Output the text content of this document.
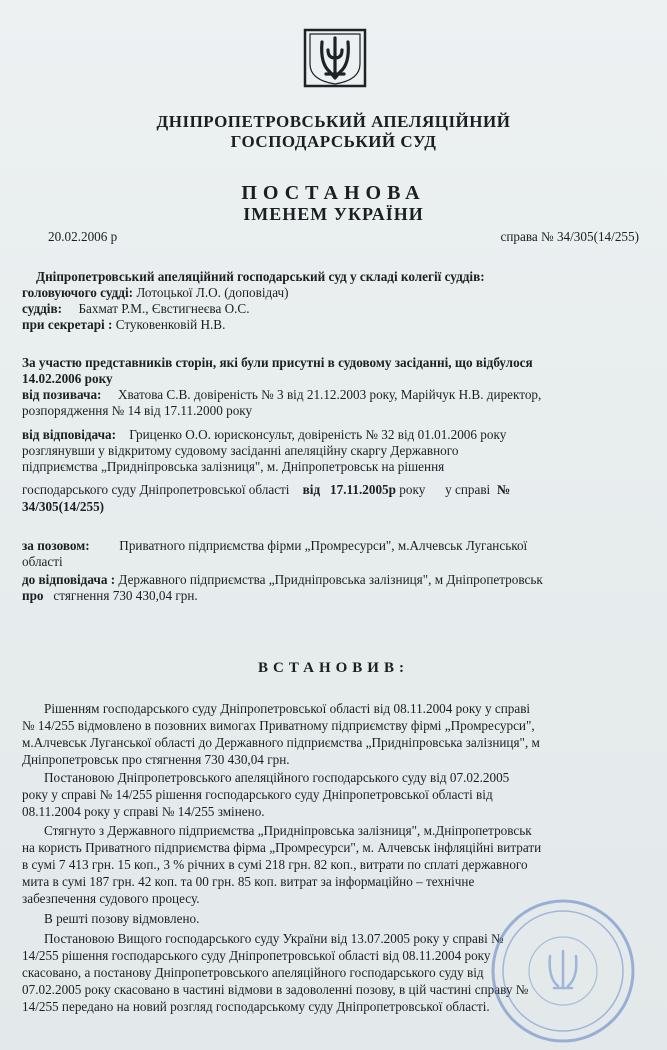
ДНІПРОПЕТРОВСЬКИЙ АПЕЛЯЦІЙНИЙ
ГОСПОДАРСЬКИЙ СУД
ПОСТАНОВА
ІМЕНЕМ УКРАЇНИ
20.02.2006 р	справа № 34/305(14/255)
Дніпропетровський апеляційний господарський суд у складі колегії суддів:
головуючого судді: Лотоцької Л.О. (доповідач)
суддів: Бахмат Р.М., Євстигнеєва О.С.
при секретарі : Стуковенковій Н.В.
За участю представників сторін, які були присутні в судовому засіданні, що відбулося
14.02.2006 року
від позивача: Хватова С.В. довіреність № 3 від 21.12.2003 року, Марійчук Н.В. директор,
розпорядження № 14 від 17.11.2000 року
від відповідача: Гриценко О.О. юрисконсульт, довіреність № 32 від 01.01.2006 року
розглянувши у відкритому судовому засіданні апеляційну скаргу Державного
підприємства „Придніпровська залізниця", м. Дніпропетровськ на рішення
господарського суду Дніпропетровської області від 17.11.2005р року у справі №
34/305(14/255)
за позовом: Приватного підприємства фірми „Промресурси", м.Алчевськ Луганської
області
до відповідача : Державного підприємства „Придніпровська залізниця", м Дніпропетровськ
про стягнення 730 430,04 грн.
ВСТАНОВИВ:
Рішенням господарського суду Дніпропетровської області від 08.11.2004 року у справі
№ 14/255 відмовлено в позовних вимогах Приватному підприємству фірмі „Промресурси",
м.Алчевськ Луганської області до Державного підприємства „Придніпровська залізниця", м
Дніпропетровськ про стягнення 730 430,04 грн.
Постановою Дніпропетровського апеляційного господарського суду від 07.02.2005
року у справі № 14/255 рішення господарського суду Дніпропетровської області від
08.11.2004 року у справі № 14/255 змінено.
Стягнуто з Державного підприємства „Придніпровська залізниця", м.Дніпропетровськ
на користь Приватного підприємства фірма „Промресурси", м. Алчевськ інфляційні витрати
в сумі 7 413 грн. 15 коп., 3 % річних в сумі 218 грн. 82 коп., витрати по сплаті державного
мита в сумі 187 грн. 42 коп. та 00 грн. 85 коп. витрат за інформаційно – технічне
забезпечення судового процесу.
В решті позову відмовлено.
Постановою Вищого господарського суду України від 13.07.2005 року у справі №
14/255 рішення господарського суду Дніпропетровської області від 08.11.2004 року
скасовано, а постанову Дніпропетровського апеляційного господарського суду від
07.02.2005 року скасовано в частині відмови в задоволенні позову, в цій частині справу №
14/255 передано на новий розгляд господарському суду Дніпропетровської області.
